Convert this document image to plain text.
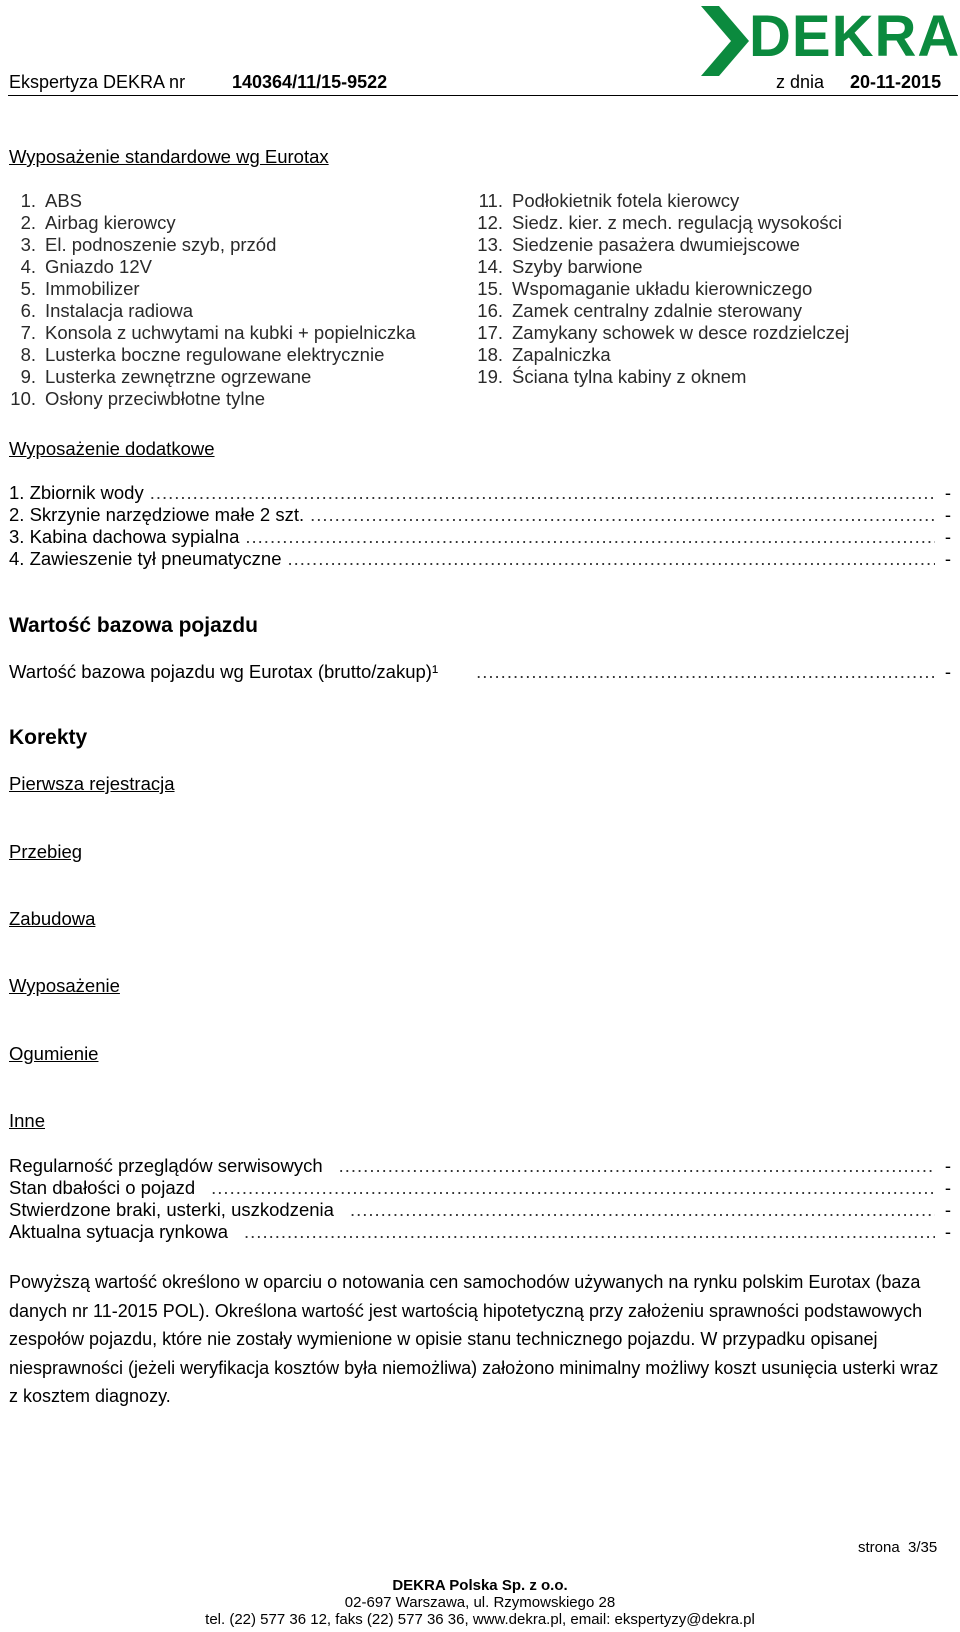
DEKRA
Ekspertyza DEKRA nr	140364/11/15-9522	z dnia 20-11-2015
Wyposażenie standardowe wg Eurotax
1. ABS
2. Airbag kierowcy
3. El. podnoszenie szyb, przód
4. Gniazdo 12V
5. Immobilizer
6. Instalacja radiowa
7. Konsola z uchwytami na kubki + popielniczka
8. Lusterka boczne regulowane elektrycznie
9. Lusterka zewnętrzne ogrzewane
10. Osłony przeciwbłotne tylne
11. Podłokietnik fotela kierowcy
12. Siedz. kier. z mech. regulacją wysokości
13. Siedzenie pasażera dwumiejscowe
14. Szyby barwione
15. Wspomaganie układu kierowniczego
16. Zamek centralny zdalnie sterowany
17. Zamykany schowek w desce rozdzielczej
18. Zapalniczka
19. Ściana tylna kabiny z oknem
Wyposażenie dodatkowe
1. Zbiornik wody .....	-
2. Skrzynie narzędziowe małe 2 szt. .....	-
3. Kabina dachowa sypialna .....	-
4. Zawieszenie tył pneumatyczne .....	-
Wartość bazowa pojazdu
Wartość bazowa pojazdu wg Eurotax (brutto/zakup)¹ .....	-
Korekty
Pierwsza rejestracja
Przebieg
Zabudowa
Wyposażenie
Ogumienie
Inne
Regularność przeglądów serwisowych .....	-
Stan dbałości o pojazd .....	-
Stwierdzone braki, usterki, uszkodzenia .....	-
Aktualna sytuacja rynkowa .....	-
Powyższą wartość określono w oparciu o notowania cen samochodów używanych na rynku polskim Eurotax (baza danych nr 11-2015 POL). Określona wartość jest wartością hipotetyczną przy założeniu sprawności podstawowych zespołów pojazdu, które nie zostały wymienione w opisie stanu technicznego pojazdu. W przypadku opisanej niesprawności (jeżeli weryfikacja kosztów była niemożliwa) założono minimalny możliwy koszt usunięcia usterki wraz z kosztem diagnozy.
strona 3/35
DEKRA Polska Sp. z o.o.
02-697 Warszawa, ul. Rzymowskiego 28
tel. (22) 577 36 12, faks (22) 577 36 36, www.dekra.pl, email: ekspertyzy@dekra.pl
